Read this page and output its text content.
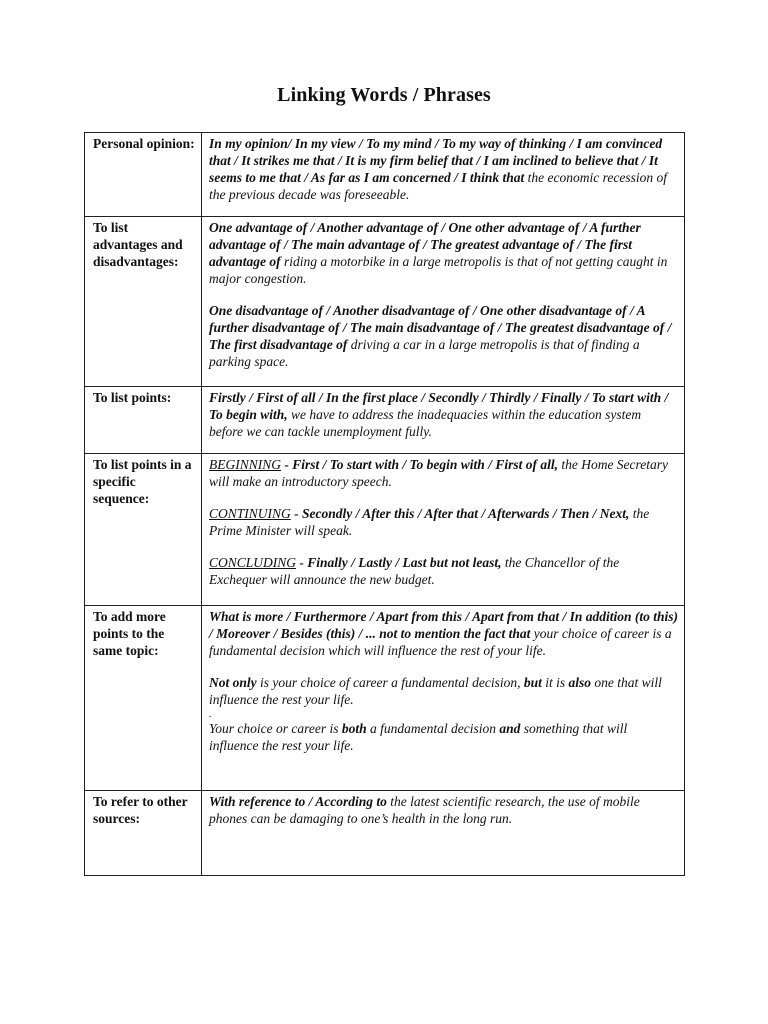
Linking Words / Phrases
Personal opinion:	In my opinion/ In my view / To my mind / To my way of thinking / I am convinced that / It strikes me that / It is my firm belief that / I am inclined to believe that / It seems to me that / As far as I am concerned / I think that the economic recession of the previous decade was foreseeable.
To list advantages and disadvantages:	One advantage of / Another advantage of / One other advantage of / A further advantage of / The main advantage of / The greatest advantage of / The first advantage of riding a motorbike in a large metropolis is that of not getting caught in major congestion.

One disadvantage of / Another disadvantage of / One other disadvantage of / A further disadvantage of / The main disadvantage of / The greatest disadvantage of / The first disadvantage of driving a car in a large metropolis is that of finding a parking space.

To list points:	Firstly / First of all / In the first place / Secondly / Thirdly / Finally / To start with / To begin with, we have to address the inadequacies within the education system before we can tackle unemployment fully.
To list points in a specific sequence:	BEGINNING - First / To start with / To begin with / First of all, the Home Secretary will make an introductory speech.

CONTINUING - Secondly / After this / After that / Afterwards / Then / Next, the Prime Minister will speak.

CONCLUDING - Finally / Lastly / Last but not least, the Chancellor of the Exchequer will announce the new budget.

To add more points to the same topic:	What is more / Furthermore / Apart from this / Apart from that / In addition (to this) / Moreover / Besides (this) / ... not to mention the fact that your choice of career is a fundamental decision which will influence the rest of your life.

Not only is your choice of career a fundamental decision, but it is also one that will influence the rest your life.

.

Your choice or career is both a fundamental decision and something that will influence the rest your life.

To refer to other sources:	With reference to / According to the latest scientific research, the use of mobile phones can be damaging to one’s health in the long run.
